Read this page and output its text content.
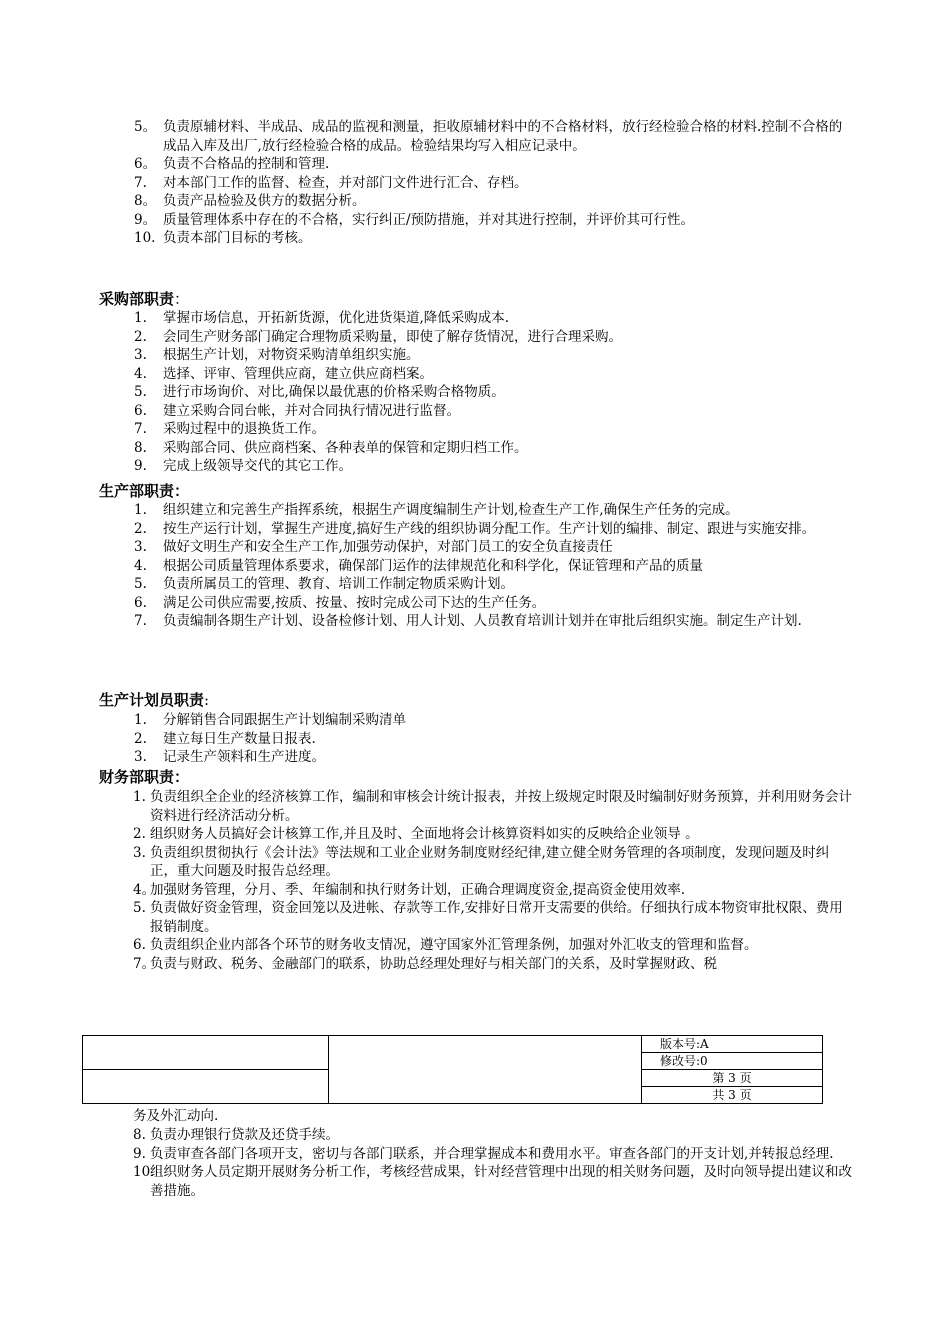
5。 负责原辅材料、半成品、成品的监视和测量，拒收原辅材料中的不合格材料，放行经检验合格的材料.控制不合格的成品入库及出厂,放行经检验合格的成品。检验结果均写入相应记录中。
6。 负责不合格品的控制和管理.
7. 对本部门工作的监督、检查，并对部门文件进行汇合、存档。
8。 负责产品检验及供方的数据分析。
9。 质量管理体系中存在的不合格，实行纠正/预防措施，并对其进行控制，并评价其可行性。
10. 负责本部门目标的考核。
采购部职责：
1. 掌握市场信息，开拓新货源，优化进货渠道,降低采购成本.
2. 会同生产财务部门确定合理物质采购量，即使了解存货情况，进行合理采购。
3. 根据生产计划，对物资采购清单组织实施。
4. 选择、评审、管理供应商，建立供应商档案。
5. 进行市场询价、对比,确保以最优惠的价格采购合格物质。
6. 建立采购合同台帐，并对合同执行情况进行监督。
7. 采购过程中的退换货工作。
8. 采购部合同、供应商档案、各种表单的保管和定期归档工作。
9. 完成上级领导交代的其它工作。
生产部职责：
1. 组织建立和完善生产指挥系统，根据生产调度编制生产计划,检查生产工作,确保生产任务的完成。
2. 按生产运行计划，掌握生产进度,搞好生产线的组织协调分配工作。生产计划的编排、制定、跟进与实施安排。
3. 做好文明生产和安全生产工作,加强劳动保护，对部门员工的安全负直接责任
4. 根据公司质量管理体系要求，确保部门运作的法律规范化和科学化，保证管理和产品的质量
5. 负责所属员工的管理、教育、培训工作制定物质采购计划。
6. 满足公司供应需要,按质、按量、按时完成公司下达的生产任务。
7. 负责编制各期生产计划、设备检修计划、用人计划、人员教育培训计划并在审批后组织实施。制定生产计划.
生产计划员职责:
1. 分解销售合同跟据生产计划编制采购清单
2. 建立每日生产数量日报表.
3. 记录生产领料和生产进度。
财务部职责：
1. 负责组织全企业的经济核算工作，编制和审核会计统计报表，并按上级规定时限及时编制好财务预算，并利用财务会计资料进行经济活动分析。
2. 组织财务人员搞好会计核算工作,并且及时、全面地将会计核算资料如实的反映给企业领导 。
3. 负责组织贯彻执行《会计法》等法规和工业企业财务制度财经纪律,建立健全财务管理的各项制度，发现问题及时纠正，重大问题及时报告总经理。
4。
加强财务管理，分月、季、年编制和执行财务计划，正确合理调度资金,提高资金使用效率.
5. 负责做好资金管理，资金回笼以及进帐、存款等工作,安排好日常开支需要的供给。仔细执行成本物资审批权限、费用报销制度。
6. 负责组织企业内部各个环节的财务收支情况，遵守国家外汇管理条例，加强对外汇收支的管理和监督。
7。
负责与财政、税务、金融部门的联系，协助总经理处理好与相关部门的关系，及时掌握财政、税
		版本号:A
		修改号:0
		第 3 页
		共 3 页
务及外汇动向.
8. 负责办理银行贷款及还贷手续。
9. 负责审查各部门各项开支，密切与各部门联系，并合理掌握成本和费用水平。审查各部门的开支计划,并转报总经理.
10.
组织财务人员定期开展财务分析工作，考核经营成果，针对经营管理中出现的相关财务问题，及时向领导提出建议和改善措施。
